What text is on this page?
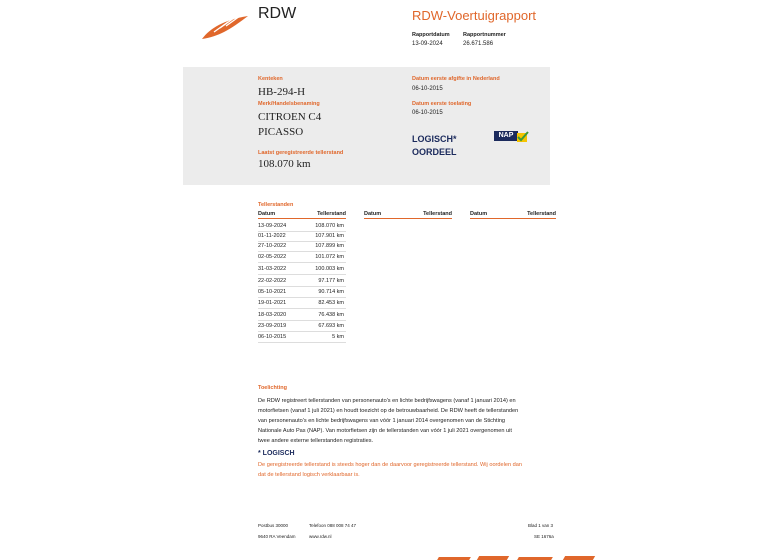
RDW	RDW-Voertuigrapport
Rapportdatum Rapportnummer
13-09-2024	26.671.586
Kenteken
HB-294-H
Merk/Handelsbenaming
CITROEN C4
PICASSO
Laatst geregistreerde tellerstand
108.070 km
Datum eerste afgifte in Nederland
06-10-2015
Datum eerste toelating
06-10-2015
LOGISCH*
OORDEEL
NAP
Tellerstanden
Datum	Tellerstand	Datum	Tellerstand	Datum	Tellerstand
13-09-2024	108.070 km
01-11-2022	107.901 km
27-10-2022	107.899 km
02-05-2022	101.072 km
31-03-2022	100.003 km
22-02-2022	97.177 km
05-10-2021	90.714 km
19-01-2021	82.453 km
18-03-2020	76.438 km
23-09-2019	67.693 km
06-10-2015	5 km
Toelichting
De RDW registreert tellerstanden van personenauto's en lichte bedrijfswagens (vanaf 1 januari 2014) en
motorfietsen (vanaf 1 juli 2021) en houdt toezicht op de betrouwbaarheid. De RDW heeft de tellerstanden
van personenauto's en lichte bedrijfswagens van vóór 1 januari 2014 overgenomen van de Stichting
Nationale Auto Pas (NAP). Van motorfietsen zijn de tellerstanden van vóór 1 juli 2021 overgenomen uit
twee andere externe tellerstanden registraties.
* LOGISCH
De geregistreerde tellerstand is steeds hoger dan de daarvoor geregistreerde tellerstand. Wij oordelen dan
dat de tellerstand logisch verklaarbaar is.
Postbus 30000
9640 RA Veendam
Telefoon 088 008 74 47
www.rdw.nl
Blad 1 van 3
SE 1676a
